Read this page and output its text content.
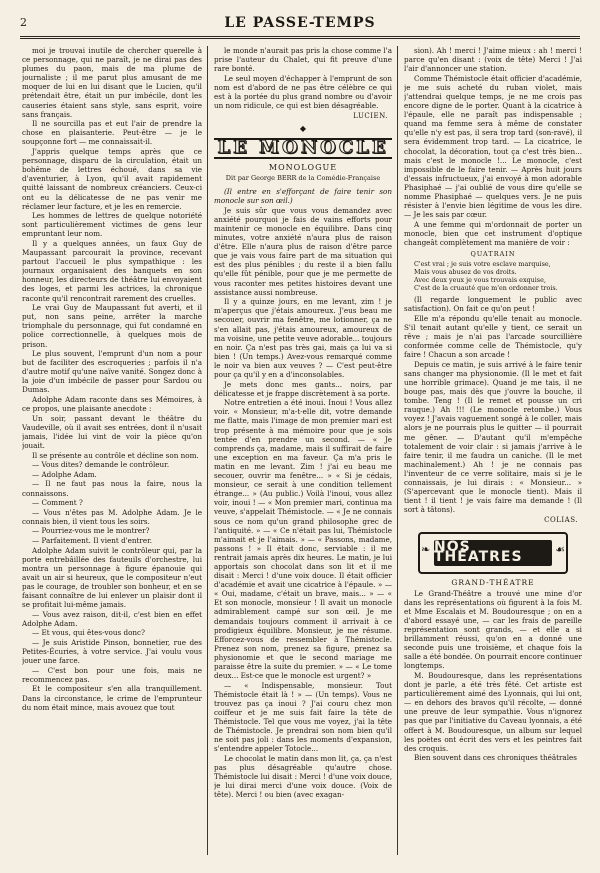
2	LE PASSE-TEMPS

moi je trouvai inutile de chercher querelle à ce personnage, qui ne paraît, je ne dirai pas des plumes du paon, mais de ma plume de journaliste ; il me parut plus amusant de me moquer de lui en lui disant que le Lucien, qu'il prétendait être, était un pur imbécile, dont les causeries étaient sans style, sans esprit, voire sans français.

Il ne sourcilla pas et eut l'air de prendre la chose en plaisanterie. Peut-être — je le soupçonne fort — me connaissait-il.

J'appris quelque temps après que ce personnage, disparu de la circulation, était un bohême de lettres échoué, dans sa vie d'aventurier, à Lyon, qu'il avait rapidement quitté laissant de nombreux créanciers. Ceux-ci ont eu la délicatesse de ne pas venir me réclamer leur facture, et je les en remercie.

Les hommes de lettres de quelque notoriété sont particulièrement victimes de gens leur empruntant leur nom.

Il y a quelques années, un faux Guy de Maupassant parcourait la province, recevant partout l'accueil le plus sympathique : les journaux organisaient des banquets en son honneur, les directeurs de théâtre lui envoyaient des loges, et parmi les actrices, la chronique raconte qu'il rencontrait rarement des cruelles.

Le vrai Guy de Maupassant fut averti, et il put, non sans peine, arrêter la marche triomphale du personnage, qui fut condamné en police correctionnelle, à quelques mois de prison.

Le plus souvent, l'emprunt d'un nom a pour but de faciliter des escroqueries ; parfois il n'a d'autre motif qu'une naïve vanité. Songez donc à la joie d'un imbécile de passer pour Sardou ou Dumas.

Adolphe Adam raconte dans ses Mémoires, à ce propos, une plaisante anecdote :

Un soir, passant devant le théâtre du Vaudeville, où il avait ses entrées, dont il n'usait jamais, l'idée lui vint de voir la pièce qu'on jouait.

Il se présente au contrôle et décline son nom.

— Vous dites? demande le contrôleur.

— Adolphe Adam.

— Il ne faut pas nous la faire, nous la connaissons.

— Comment ?

— Vous n'êtes pas M. Adolphe Adam. Je le connais bien, il vient tous les soirs.

— Pourriez-vous me le montrer?

— Parfaitement. Il vient d'entrer.

Adolphe Adam suivit le contrôleur qui, par la porte entrebâillée des fauteuils d'orchestre, lui montra un personnage à figure épanouie qui avait un air si heureux, que le compositeur n'eut pas le courage, de troubler son bonheur, et en se faisant connaître de lui enlever un plaisir dont il se profitait lui-même jamais.

— Vous avez raison, dit-il, c'est bien en effet Adolphe Adam.

— Et vous, qui êtes-vous donc?

— Je suis Aristide Pinson, bonnetier, rue des Petites-Écuries, à votre service. J'ai voulu vous jouer une farce.

— C'est bon pour une fois, mais ne recommencez pas.

Et le compositeur s'en alla tranquillement. Dans la circonstance, le crime de l'emprunteur du nom était mince, mais avouez que tout

le monde n'aurait pas pris la chose comme l'a prise l'auteur du Chalet, qui fit preuve d'une rare bonté.

Le seul moyen d'échapper à l'emprunt de son nom est d'abord de ne pas être célèbre ce qui est à la portée du plus grand nombre ou d'avoir un nom ridicule, ce qui est bien désagréable.

LUCIEN.
◆
LE MONOCLE
MONOLOGUE
Dit par George BERR de la Comédie-Française

(Il entre en s'efforçant de faire tenir son monocle sur son œil.)

Je suis sûr que vous vous demandez avec anxiété pourquoi je fais de vains efforts pour maintenir ce monocle en équilibre. Dans cinq minutes, votre anxiété n'aura plus de raison d'être. Elle n'aura plus de raison d'être parce que je vais vous faire part de ma situation qui est des plus pénibles ; du reste il a bien fallu qu'elle fût pénible, pour que je me permette de vous raconter mes petites histoires devant une assistance aussi nombreuse.

Il y a quinze jours, en me levant, zim ! je m'aperçus que j'étais amoureux. J'eus beau me secouer, ouvrir ma fenêtre, me lotionner, ça ne s'en allait pas, j'étais amoureux, amoureux de ma voisine, une petite veuve adorable... toujours en noir. Ça n'est pas très gai, mais ça lui va si bien ! (Un temps.) Avez-vous remarqué comme le noir va bien aux veuves ? — C'est peut-être pour ça qu'il y en a d'inconsolables.

Je mets donc mes gants... noirs, par délicatesse et je frappe discrètement à sa porte.

Notre entretien a été inoui. Inoui ! Vous allez voir. « Monsieur, m'a-t-elle dit, votre demande me flatte, mais l'image de mon premier mari est trop présente à ma mémoire pour que je sois tentée d'en prendre un second. — « Je comprends ça, madame, mais il suffirait de faire une exception en ma faveur. Ça m'a pris le matin en me levant. Zim ! j'ai eu beau me secouer, ouvrir ma fenêtre... » « Si je cédais, monsieur, ce serait à une condition tellement étrange... » (Au public.) Voilà l'inoui, vous allez voir, inoui ! — « Mon premier mari, continua ma veuve, s'appelait Thémistocle. — « Je ne connais sous ce nom qu'un grand philosophe grec de l'antiquité. » — « Ce n'était pas lui, Thémistocle m'aimait et je l'aimais. » — « Passons, madame, passons ! » Il était donc, serviable : il me rentrait jamais après dix heures. Le matin, je lui apportais son chocolat dans son lit et il me disait : Merci ! d'une voix douce. Il était officier d'académie et avait une cicatrice à l'épaule. » — « Oui, madame, c'était un brave, mais... » — « Et son monocle, monsieur ! Il avait un monocle admirablement campé sur son œil. Je me demandais toujours comment il arrivait à ce prodigieux équilibre. Monsieur, je me résume. Efforcez-vous de ressembler à Thémistocle. Prenez son nom, prenez sa figure, prenez sa physionomie et que le second mariage me paraisse être la suite du premier. » — « Le tome deux... Est-ce que le monocle est urgent? »

— « Indispensable, monsieur. Tout Thémistocle était là ! » — (Un temps). Vous ne trouvez pas ça inoui ? J'ai couru chez mon coiffeur et je me suis fait faire la tête de Thémistocle. Tel que vous me voyez, j'ai la tête de Thémistocle. Je prendrai son nom bien qu'il ne soit pas joli : dans les moments d'expansion, s'entendre appeler Totocle...

Le chocolat le matin dans mon lit, ça, ça n'est pas plus désagréable qu'autre chose. Thémistocle lui disait : Merci ! d'une voix douce, je lui dirai merci d'une voix douce. (Voix de tête). Merci ! ou bien (avec exagan-

sion). Ah ! merci ! J'aime mieux : ah ! merci ! parce qu'en disant : (voix de tête) Merci ! J'ai l'air d'annoncer une station.

Comme Thémistocle était officier d'académie, je me suis acheté du ruban violet, mais j'attendrai quelque temps, je ne me crois pas encore digne de le porter. Quant à la cicatrice à l'épaule, elle ne paraît pas indispensable ; quand ma femme sera à même de constater qu'elle n'y est pas, il sera trop tard (son-ravé), il sera évidemment trop tard. — La cicatrice, le chocolat, la décoration, tout ça c'est très bien... mais c'est le monocle !... Le monocle, c'est impossible de le faire tenir. — Après huit jours d'essais infructueux, j'ai envoyé à mon adorable Phasiphaé — j'ai oublié de vous dire qu'elle se nomme Phasiphaé — quelques vers. Je ne puis résister à l'envie bien légitime de vous les dire. — Je les sais par cœur.

A une femme qui m'ordonnait de porter un monocle, bien que cet instrument d'optique changeât complètement ma manière de voir :

QUATRAIN
C'est vrai ; je suis votre esclave marquise,
Mais vous abusez de vos droits.
Avec deux yeux je vous trouvais exquise,
C'est de la cruauté que m'en ordonner trois.

(Il regarde longuement le public avec satisfaction). On fait ce qu'on peut !

Elle m'a répondu qu'elle tenait au monocle. S'il tenait autant qu'elle y tient, ce serait un rêve ; mais je n'ai pas l'arcade sourcillière conformée comme celle de Thémistocle, qu'y faire ! Chacun a son arcade !

Depuis ce matin, je suis arrivé à le faire tenir sans changer ma physionomie. (Il le met et fait une horrible grimace). Quand je me tais, il ne bouge pas, mais dès que j'ouvre la bouche, il tombe. Teng ! (Il le remet et pousse un cri rauque.) Ah !!! (Le monocle retombe.) Vous voyez ! J'avais vaguement songé à le coller, mais alors je ne pourrais plus le quitter — il pourrait me gêner. — D'autant qu'il m'empêche totalement de voir clair : si jamais j'arrive à le faire tenir, il me faudra un caniche. (Il le met machinalement.) Ah ! je ne connais pas l'inventeur de ce verre solitaire, mais si je le connaissais, je lui dirais : « Monsieur... » (S'apercevant que le monocle tient). Mais il tient ! il tient ! je vais faire ma demande ! (Il sort à tâtons).

COLIAS.
❧ NOS THÉATRES	☙
GRAND-THÉATRE

Le Grand-Théâtre a trouvé une mine d'or dans les représentations où figurent à la fois M. et Mme Escalais et M. Boudouresque ; on en a d'abord essayé une, — car les frais de pareille représentation sont grands, — et elle a si brillamment réussi, qu'on en a donné une seconde puis une troisième, et chaque fois la salle a été bondée. On pourrait encore continuer longtemps.

M. Boudouresque, dans les représentations dont je parle, a été très fêté. Cet artiste est particulièrement aimé des Lyonnais, qui lui ont, — en dehors des bravos qu'il récolte, — donné une preuve de leur sympathie. Vous n'ignorez pas que par l'initiative du Caveau lyonnais, a été offert à M. Boudouresque, un album sur lequel les poètes ont écrit des vers et les peintres fait des croquis.

Bien souvent dans ces chroniques théâtrales
